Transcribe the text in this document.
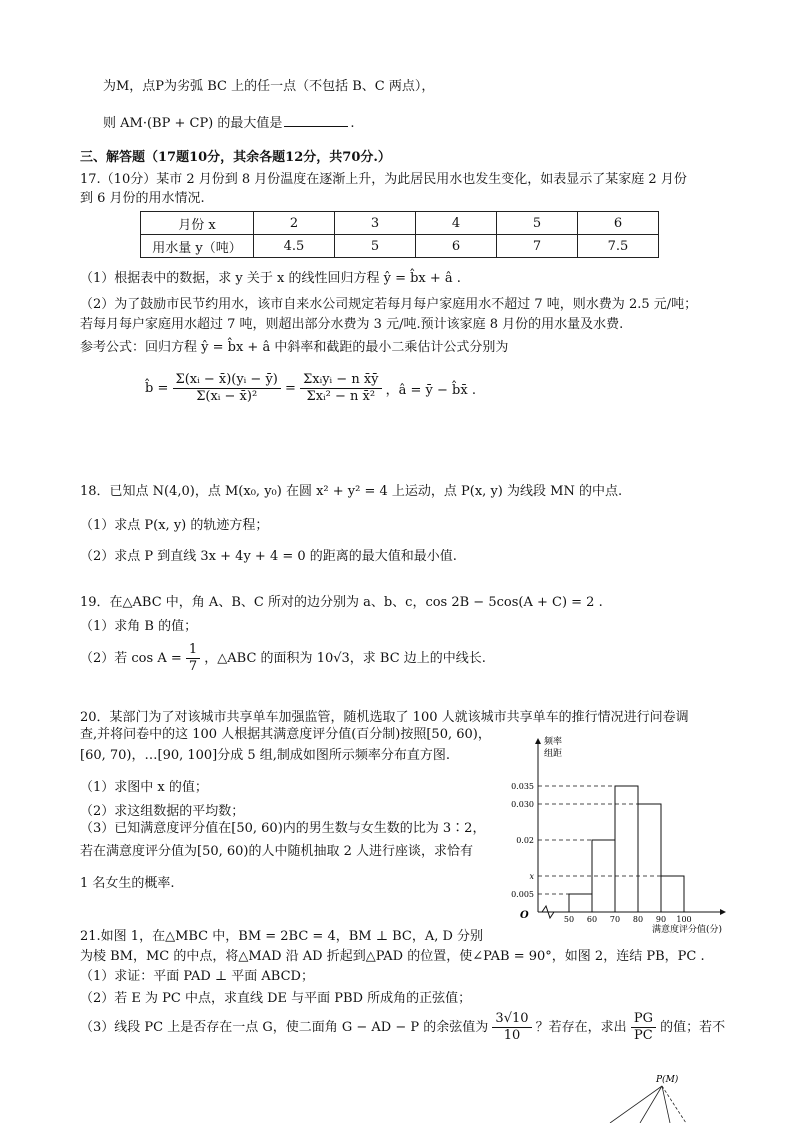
为M，点P为劣弧 BC 上的任一点（不包括 B、C 两点），
则 AM·(BP + CP) 的最大值是	.
三、解答题（17题10分，其余各题12分，共70分.）
17.（10分）某市 2 月份到 8 月份温度在逐渐上升，为此居民用水也发生变化，如表显示了某家庭 2 月份
到 6 月份的用水情况.
月份 x	2	3	4	5	6
用水量 y（吨）	4.5	5	6	7	7.5
（1）根据表中的数据，求 y 关于 x 的线性回归方程 ŷ = b̂x + â .
（2）为了鼓励市民节约用水，该市自来水公司规定若每月每户家庭用水不超过 7 吨，则水费为 2.5 元/吨；
若每月每户家庭用水超过 7 吨，则超出部分水费为 3 元/吨.预计该家庭 8 月份的用水量及水费.
参考公式：回归方程 ŷ = b̂x + â 中斜率和截距的最小二乘估计公式分别为
b̂ = $\frac{\text{Σ(xᵢ − x̄)(yᵢ − ȳ)}}{\text{Σ(xᵢ − x̄)²}} = \frac{\text{Σxᵢyᵢ − n x̄ȳ}}{\text{Σxᵢ² − n x̄²}}$ ，â = ȳ − b̂x̄ .
18．已知点 N(4,0)，点 M(x₀, y₀) 在圆 x² + y² = 4 上运动，点 P(x, y) 为线段 MN 的中点.
（1）求点 P(x, y) 的轨迹方程；
（2）求点 P 到直线 3x + 4y + 4 = 0 的距离的最大值和最小值.
19．在△ABC 中，角 A、B、C 所对的边分别为 a、b、c，cos 2B − 5cos(A + C) = 2 .
（1）求角 B 的值；
（2）若 $\cos A = \frac{1}{7}$ ，△ABC 的面积为 10√3，求 BC 边上的中线长.
20．某部门为了对该城市共享单车加强监管，随机选取了 100 人就该城市共享单车的推行情况进行问卷调
查,并将问卷中的这 100 人根据其满意度评分值(百分制)按照[50, 60)，
[60, 70)，…[90, 100]分成 5 组,制成如图所示频率分布直方图.
（1）求图中 x 的值；
（2）求这组数据的平均数；
（3）已知满意度评分值在[50, 60)内的男生数与女生数的比为 3∶2，
若在满意度评分值为[50, 60)的人中随机抽取 2 人进行座谈，求恰有
1 名女生的概率.
频率
组距
0.005
x
0.02
0.030
0.035
50 60 70 80 90 100
O
满意度评分值(分)
21.如图 1，在△MBC 中，BM = 2BC = 4，BM ⊥ BC，A, D 分别
为棱 BM，MC 的中点，将△MAD 沿 AD 折起到△PAD 的位置，使∠PAB = 90°，如图 2，连结 PB，PC .
（1）求证：平面 PAD ⊥ 平面 ABCD；
（2）若 E 为 PC 中点，求直线 DE 与平面 PBD 所成角的正弦值；
（3）线段 PC 上是否存在一点 G，使二面角 G − AD − P 的余弦值为 $\frac{3√10}{10}$ ？若存在，求出 $\frac{PG}{PC}$ 的值；若不
P(M)
